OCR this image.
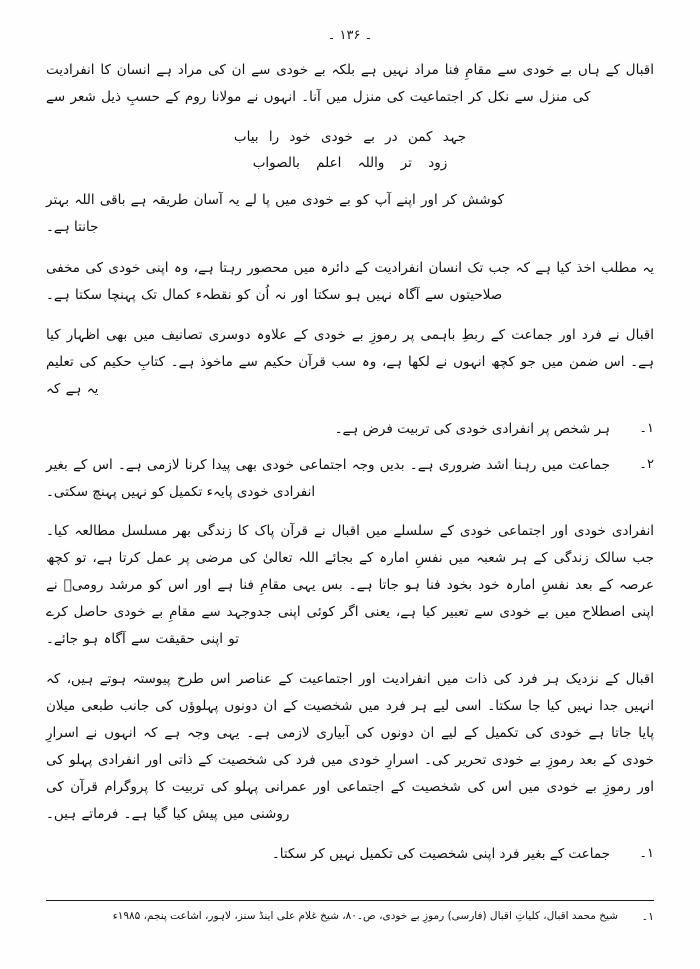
۔ ۱۳۶ ۔

اقبال کے ہاں بے خودی سے مقامِ فنا مراد نہیں ہے بلکہ بے خودی سے ان کی مراد ہے انسان کا انفرادیت کی منزل سے نکل کر اجتماعیت کی منزل میں آنا۔ انہوں نے مولانا روم کے حسبِ ذیل شعر سے

جہد کمن در بے خودی خود را بیاب
زود تر واللہ اعلم بالصواب

کوشش کر اور اپنے آپ کو بے خودی میں پا لے یہ آسان طریقہ ہے باقی اللہ بہتر جانتا ہے۔

یہ مطلب اخذ کیا ہے کہ جب تک انسان انفرادیت کے دائرہ میں محصور رہتا ہے، وہ اپنی خودی کی مخفی صلاحیتوں سے آگاہ نہیں ہو سکتا اور نہ اُن کو نقطہء کمال تک پہنچا سکتا ہے۔

اقبال نے فرد اور جماعت کے ربطِ باہمی پر رموزِ بے خودی کے علاوہ دوسری تصانیف میں بھی اظہار کیا ہے۔ اس ضمن میں جو کچھ انہوں نے لکھا ہے، وہ سب قرآن حکیم سے ماخوذ ہے۔ کتابِ حکیم کی تعلیم یہ ہے کہ

۱۔
ہر شخص پر انفرادی خودی کی تربیت فرض ہے۔
۲۔
جماعت میں رہنا اشد ضروری ہے۔ بدیں وجہ اجتماعی خودی بھی پیدا کرنا لازمی ہے۔ اس کے بغیر انفرادی خودی پایہء تکمیل کو نہیں پہنچ سکتی۔

انفرادی خودی اور اجتماعی خودی کے سلسلے میں اقبال نے قرآن پاک کا زندگی بھر مسلسل مطالعہ کیا۔ جب سالک زندگی کے ہر شعبہ میں نفسِ امارہ کے بجائے اللہ تعالیٰ کی مرضی پر عمل کرتا ہے، تو کچھ عرصہ کے بعد نفسِ امارہ خود بخود فنا ہو جاتا ہے۔ بس یہی مقامِ فنا ہے اور اس کو مرشد رومیؒ نے اپنی اصطلاح میں بے خودی سے تعبیر کیا ہے، یعنی اگر کوئی اپنی جدوجہد سے مقامِ بے خودی حاصل کرے تو اپنی حقیقت سے آگاہ ہو جائے۔

اقبال کے نزدیک ہر فرد کی ذات میں انفرادیت اور اجتماعیت کے عناصر اس طرح پیوستہ ہوتے ہیں، کہ انہیں جدا نہیں کیا جا سکتا۔ اسی لیے ہر فرد میں شخصیت کے ان دونوں پہلوؤں کی جانب طبعی میلان پایا جاتا ہے خودی کی تکمیل کے لیے ان دونوں کی آبیاری لازمی ہے۔ یہی وجہ ہے کہ انہوں نے اسرارِ خودی کے بعد رموزِ بے خودی تحریر کی۔ اسرارِ خودی میں فرد کی شخصیت کے ذاتی اور انفرادی پہلو کی اور رموزِ بے خودی میں اس کی شخصیت کے اجتماعی اور عمرانی پہلو کی تربیت کا پروگرام قرآن کی روشنی میں پیش کیا گیا ہے۔ فرماتے ہیں۔

۱۔
جماعت کے بغیر فرد اپنی شخصیت کی تکمیل نہیں کر سکتا۔
۱۔
شیخ محمد اقبال، کلیاتِ اقبال (فارسی) رموزِ بے خودی، ص۔۸۰، شیخ غلام علی اینڈ سنز، لاہور، اشاعت پنجم، ۱۹۸۵ء
